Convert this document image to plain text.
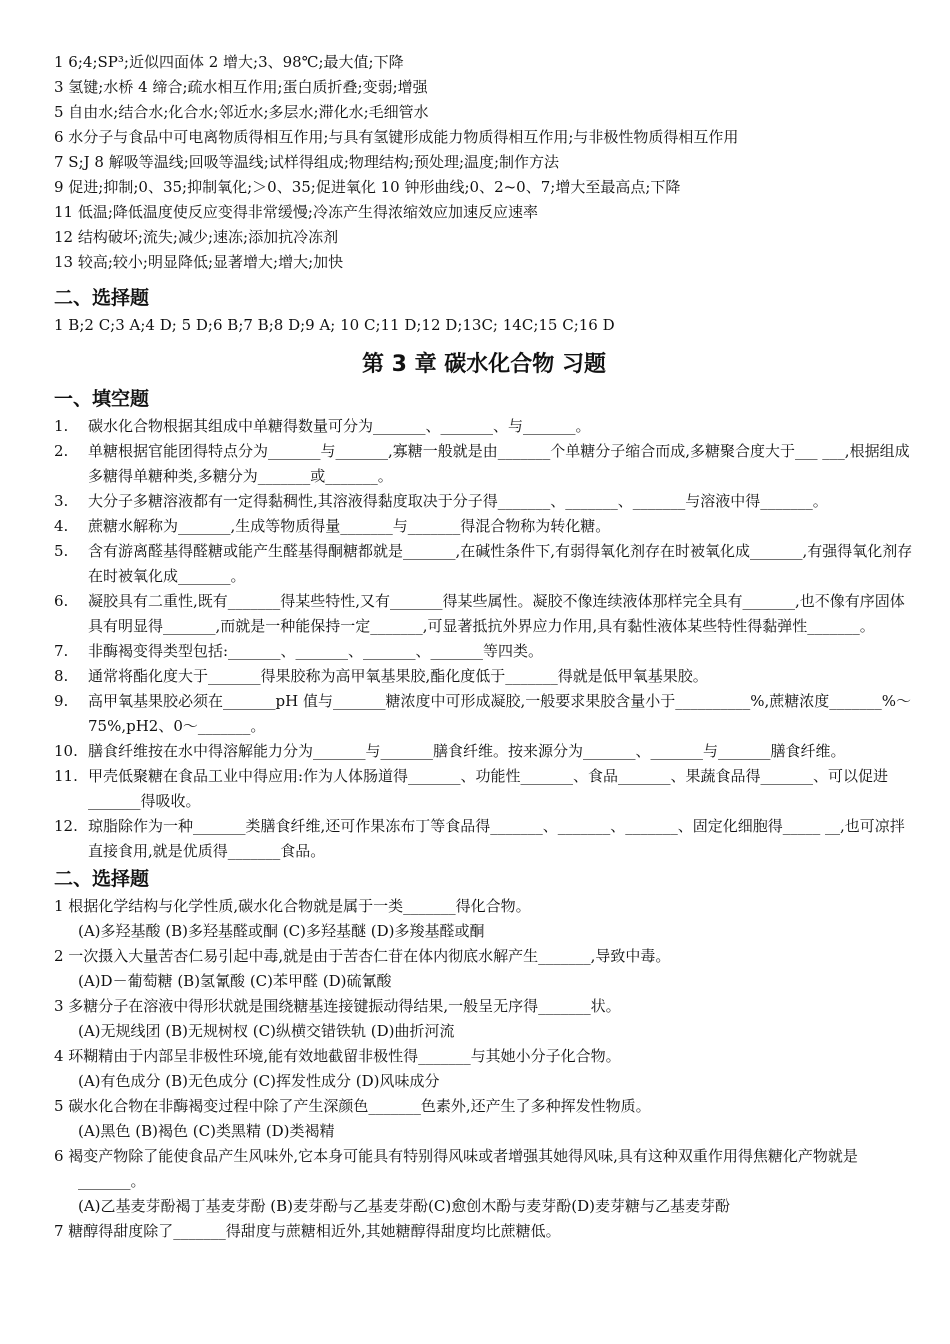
1 6;4;SP³;近似四面体 2 增大;3、98℃;最大值;下降
3 氢键;水桥 4 缔合;疏水相互作用;蛋白质折叠;变弱;增强
5 自由水;结合水;化合水;邻近水;多层水;滞化水;毛细管水
6 水分子与食品中可电离物质得相互作用;与具有氢键形成能力物质得相互作用;与非极性物质得相互作用
7 S;J 8 解吸等温线;回吸等温线;试样得组成;物理结构;预处理;温度;制作方法
9 促进;抑制;0、35;抑制氧化;＞0、35;促进氧化 10 钟形曲线;0、2~0、7;增大至最高点;下降
11 低温;降低温度使反应变得非常缓慢;冷冻产生得浓缩效应加速反应速率
12 结构破坏;流失;减少;速冻;添加抗冷冻剂
13 较高;较小;明显降低;显著增大;增大;加快
二、选择题
1 B;2 C;3 A;4 D; 5 D;6 B;7 B;8 D;9 A; 10 C;11 D;12 D;13C; 14C;15 C;16 D
第 3 章 碳水化合物 习题
一、填空题
1.	碳水化合物根据其组成中单糖得数量可分为_______、_______、与_______。
2.	单糖根据官能团得特点分为_______与_______,寡糖一般就是由_______个单糖分子缩合而成,多糖聚合度大于___ ___,根据组成多糖得单糖种类,多糖分为_______或_______。
3.	大分子多糖溶液都有一定得黏稠性,其溶液得黏度取决于分子得_______、_______、_______与溶液中得_______。
4.	蔗糖水解称为_______,生成等物质得量_______与_______得混合物称为转化糖。
5.	含有游离醛基得醛糖或能产生醛基得酮糖都就是_______,在碱性条件下,有弱得氧化剂存在时被氧化成_______,有强得氧化剂存在时被氧化成_______。
6.	凝胶具有二重性,既有_______得某些特性,又有_______得某些属性。凝胶不像连续液体那样完全具有_______,也不像有序固体具有明显得_______,而就是一种能保持一定_______,可显著抵抗外界应力作用,具有黏性液体某些特性得黏弹性_______。
7.	非酶褐变得类型包括:_______、_______、_______、_______等四类。
8.	通常将酯化度大于_______得果胶称为高甲氧基果胶,酯化度低于_______得就是低甲氧基果胶。
9.	高甲氧基果胶必须在_______pH 值与_______糖浓度中可形成凝胶,一般要求果胶含量小于__________%,蔗糖浓度_______%～75%,pH2、0～_______。
10. 膳食纤维按在水中得溶解能力分为_______与_______膳食纤维。按来源分为_______、_______与_______膳食纤维。
11. 甲壳低聚糖在食品工业中得应用:作为人体肠道得_______、功能性_______、食品_______、果蔬食品得_______、可以促进_______得吸收。
12. 琼脂除作为一种_______类膳食纤维,还可作果冻布丁等食品得_______、_______、_______、固定化细胞得_____ __,也可凉拌直接食用,就是优质得_______食品。
二、选择题
1 根据化学结构与化学性质,碳水化合物就是属于一类_______得化合物。
(A)多羟基酸 (B)多羟基醛或酮 (C)多羟基醚 (D)多羧基醛或酮
2 一次摄入大量苦杏仁易引起中毒,就是由于苦杏仁苷在体内彻底水解产生_______,导致中毒。
(A)D－葡萄糖 (B)氢氰酸 (C)苯甲醛 (D)硫氰酸
3 多糖分子在溶液中得形状就是围绕糖基连接键振动得结果,一般呈无序得_______状。
(A)无规线团 (B)无规树杈 (C)纵横交错铁轨 (D)曲折河流
4 环糊精由于内部呈非极性环境,能有效地截留非极性得_______与其她小分子化合物。
(A)有色成分 (B)无色成分 (C)挥发性成分 (D)风味成分
5 碳水化合物在非酶褐变过程中除了产生深颜色_______色素外,还产生了多种挥发性物质。
(A)黑色 (B)褐色 (C)类黑精 (D)类褐精
6 褐变产物除了能使食品产生风味外,它本身可能具有特别得风味或者增强其她得风味,具有这种双重作用得焦糖化产物就是_______。
(A)乙基麦芽酚褐丁基麦芽酚 (B)麦芽酚与乙基麦芽酚(C)愈创木酚与麦芽酚(D)麦芽糖与乙基麦芽酚
7 糖醇得甜度除了_______得甜度与蔗糖相近外,其她糖醇得甜度均比蔗糖低。
